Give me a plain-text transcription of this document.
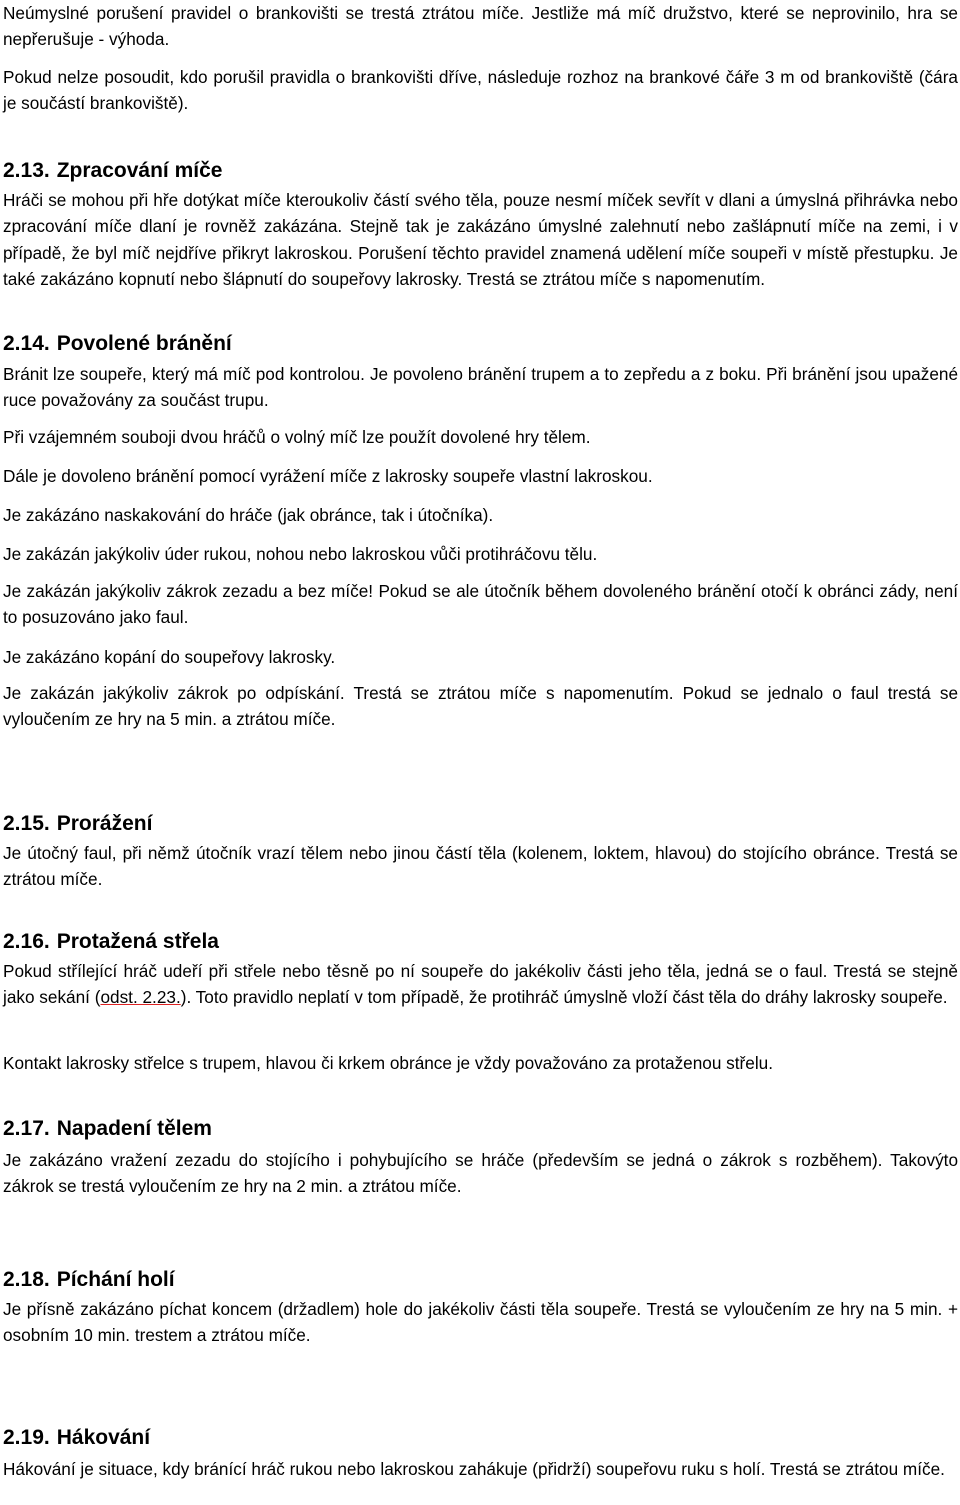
Neúmyslné porušení pravidel o brankovišti se trestá ztrátou míče. Jestliže má míč družstvo, které se neprovinilo, hra se nepřerušuje - výhoda.

Pokud nelze posoudit, kdo porušil pravidla o brankovišti dříve, následuje rozhoz na brankové čáře 3 m od brankoviště (čára je součástí brankoviště).

2.13. Zpracování míče

Hráči se mohou při hře dotýkat míče kteroukoliv částí svého těla, pouze nesmí míček sevřít v dlani a úmyslná přihrávka nebo zpracování míče dlaní je rovněž zakázána. Stejně tak je zakázáno úmyslné zalehnutí nebo zašlápnutí míče na zemi, i v případě, že byl míč nejdříve přikryt lakroskou. Porušení těchto pravidel znamená udělení míče soupeři v místě přestupku. Je také zakázáno kopnutí nebo šlápnutí do soupeřovy lakrosky. Trestá se ztrátou míče s napomenutím.

2.14. Povolené bránění

Bránit lze soupeře, který má míč pod kontrolou. Je povoleno bránění trupem a to zepředu a z boku. Při bránění jsou upažené ruce považovány za součást trupu.

Při vzájemném souboji dvou hráčů o volný míč lze použít dovolené hry tělem.

Dále je dovoleno bránění pomocí vyrážení míče z lakrosky soupeře vlastní lakroskou.

Je zakázáno naskakování do hráče (jak obránce, tak i útočníka).

Je zakázán jakýkoliv úder rukou, nohou nebo lakroskou vůči protihráčovu tělu.

Je zakázán jakýkoliv zákrok zezadu a bez míče! Pokud se ale útočník během dovoleného bránění otočí k obránci zády, není to posuzováno jako faul.

Je zakázáno kopání do soupeřovy lakrosky.

Je zakázán jakýkoliv zákrok po odpískání. Trestá se ztrátou míče s napomenutím. Pokud se jednalo o faul trestá se vyloučením ze hry na 5 min. a ztrátou míče.

2.15. Prorážení

Je útočný faul, při němž útočník vrazí tělem nebo jinou částí těla (kolenem, loktem, hlavou) do stojícího obránce. Trestá se ztrátou míče.

2.16. Protažená střela

Pokud střílející hráč udeří při střele nebo těsně po ní soupeře do jakékoliv části jeho těla, jedná se o faul. Trestá se stejně jako sekání (odst. 2.23.). Toto pravidlo neplatí v tom případě, že protihráč úmyslně vloží část těla do dráhy lakrosky soupeře.

Kontakt lakrosky střelce s trupem, hlavou či krkem obránce je vždy považováno za protaženou střelu.

2.17. Napadení tělem

Je zakázáno vražení zezadu do stojícího i pohybujícího se hráče (především se jedná o zákrok s rozběhem). Takovýto zákrok se trestá vyloučením ze hry na 2 min. a ztrátou míče.

2.18. Píchání holí

Je přísně zakázáno píchat koncem (držadlem) hole do jakékoliv části těla soupeře. Trestá se vyloučením ze hry na 5 min. + osobním 10 min. trestem a ztrátou míče.

2.19. Hákování

Hákování je situace, kdy bránící hráč rukou nebo lakroskou zahákuje (přidrží) soupeřovu ruku s holí. Trestá se ztrátou míče.
